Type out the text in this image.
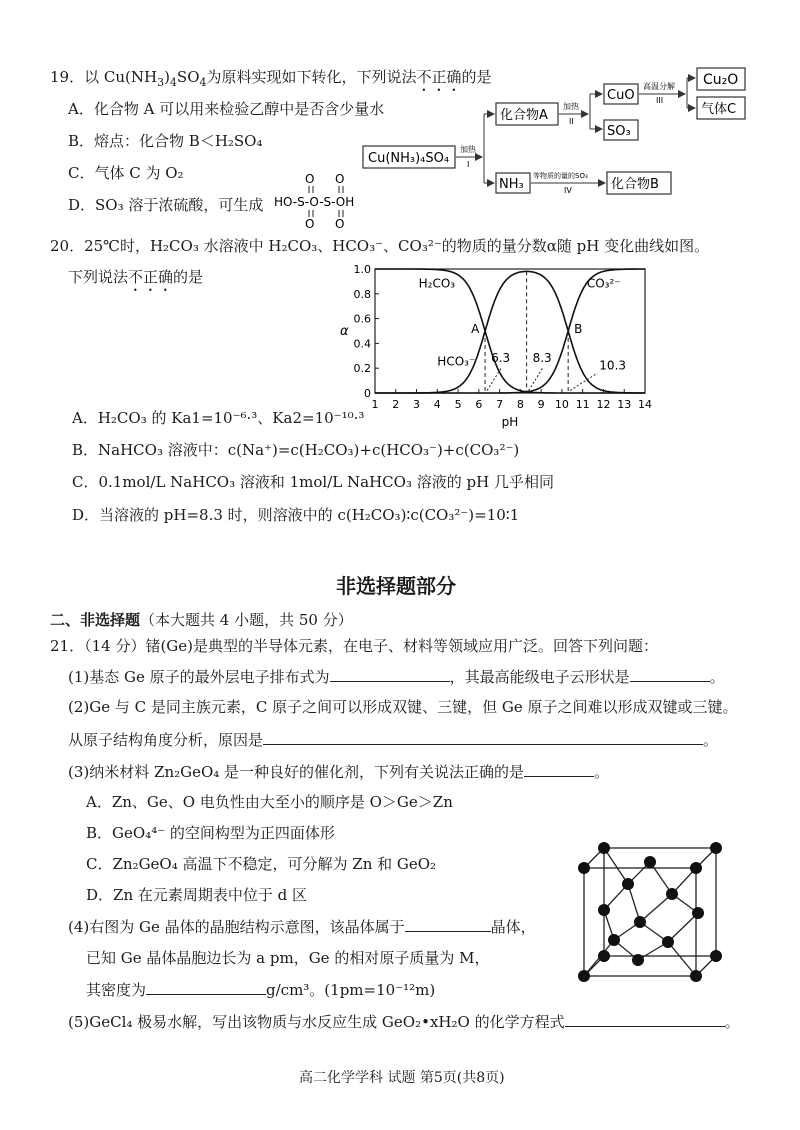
19．以 $Cu(NH_3)_4SO_4$为原料实现如下转化，下列说法不正确的是
A．化合物 A 可以用来检验乙醇中是否含少量水
B．熔点：化合物 B＜H₂SO₄
C．气体 C 为 O₂
D．SO₃ 溶于浓硫酸，可生成
O O
HO-S-O-S-OH
O O
Cu(NH₃)₄SO₄
加热
I
化合物A
加热
II
CuO
SO₃
高温分解
III
Cu₂O
气体C
NH₃
等物质的量的SO₃
IV	化合物B
20．25℃时，H₂CO₃ 水溶液中 H₂CO₃、HCO₃⁻、CO₃²⁻的物质的量分数α随 pH 变化曲线如图。
下列说法不正确的是
1 2 3 4 5 6 7 8 9 10 11 12 13 14
0
0.2
0.4
0.6
0.8
1.0
pH
α
H₂CO₃
HCO₃⁻
CO₃²⁻
A	B
6.3 8.3
10.3
A．H₂CO₃ 的 Ka1=10⁻⁶·³、Ka2=10⁻¹⁰·³
B．NaHCO₃ 溶液中：c(Na⁺)=c(H₂CO₃)+c(HCO₃⁻)+c(CO₃²⁻)
C．0.1mol/L NaHCO₃ 溶液和 1mol/L NaHCO₃ 溶液的 pH 几乎相同
D．当溶液的 pH=8.3 时，则溶液中的 c(H₂CO₃)∶c(CO₃²⁻)=10∶1
非选择题部分
二、非选择题（本大题共 4 小题，共 50 分）
21．（14 分）锗(Ge)是典型的半导体元素，在电子、材料等领域应用广泛。回答下列问题：
(1)基态 Ge 原子的最外层电子排布式为	，其最高能级电子云形状是	。
(2)Ge 与 C 是同主族元素，C 原子之间可以形成双键、三键，但 Ge 原子之间难以形成双键或三键。
从原子结构角度分析，原因是	。
(3)纳米材料 Zn₂GeO₄ 是一种良好的催化剂，下列有关说法正确的是	。
A．Zn、Ge、O 电负性由大至小的顺序是 O＞Ge＞Zn
B．GeO₄⁴⁻ 的空间构型为正四面体形
C．Zn₂GeO₄ 高温下不稳定，可分解为 Zn 和 GeO₂
D．Zn 在元素周期表中位于 d 区
(4)右图为 Ge 晶体的晶胞结构示意图，该晶体属于	晶体，
已知 Ge 晶体晶胞边长为 a pm，Ge 的相对原子质量为 M，
其密度为	g/cm³。(1pm=10⁻¹²m)
(5)GeCl₄ 极易水解，写出该物质与水反应生成 GeO₂•xH₂O 的化学方程式	。
高二化学学科 试题 第5页(共8页)
